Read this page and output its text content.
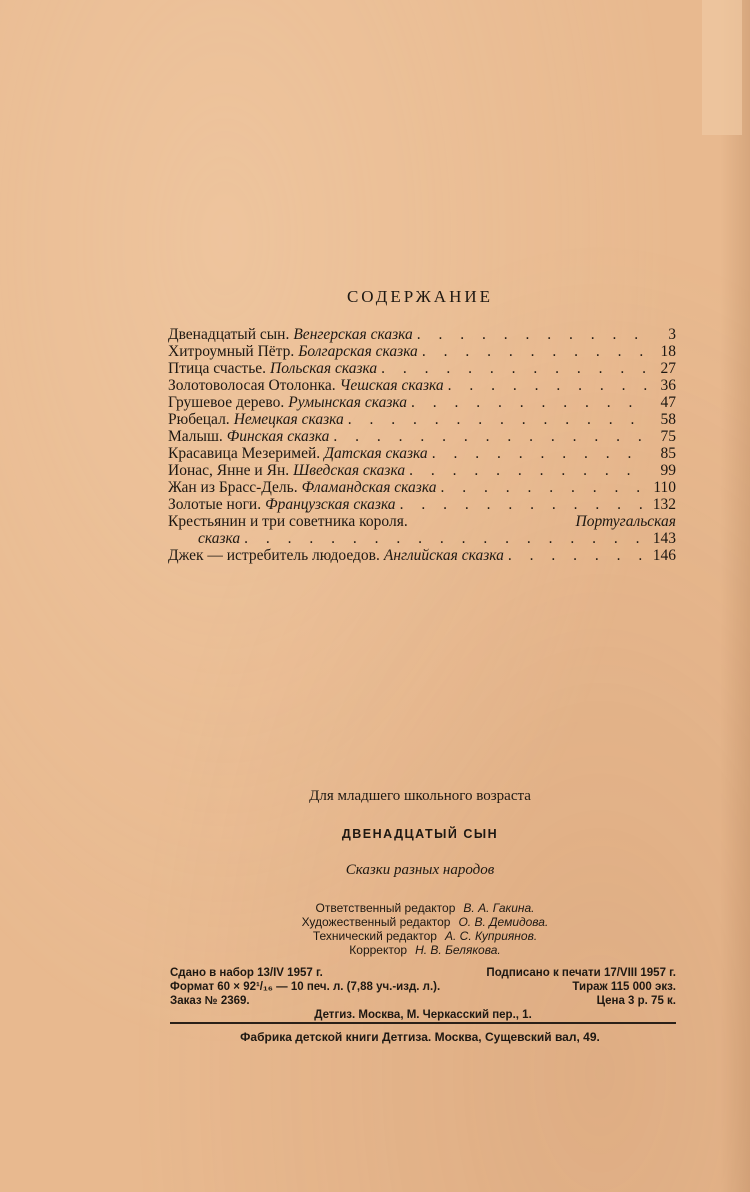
СОДЕРЖАНИЕ
Двенадцатый сын. Венгерская сказка . . .	3
Хитроумный Пётр. Болгарская сказка . . .	18
Птица счастье. Польская сказка . . .	27
Золотоволосая Отолонка. Чешская сказка . . .	36
Грушевое дерево. Румынская сказка . . .	47
Рюбецал. Немецкая сказка . . .	58
Малыш. Финская сказка . . .	75
Красавица Мезеримей. Датская сказка . . .	85
Ионас, Янне и Ян. Шведская сказка . . .	99
Жан из Брасс-Дель. Фламандская сказка . . .	110
Золотые ноги. Французская сказка . . .	132
Крестьянин и три советника короля.	Португальская
сказка . . .	143
Джек — истребитель людоедов. Английская сказка . . .	146
Для младшего школьного возраста
ДВЕНАДЦАТЫЙ СЫН
Сказки разных народов
Ответственный редактор В. А. Гакина.
Художественный редактор О. В. Демидова.
Технический редактор А. С. Куприянов.
Корректор Н. В. Белякова.
Сдано в набор 13/IV 1957 г.	Подписано к печати 17/VIII 1957 г.
Формат 60 × 92¹/₁₆ — 10 печ. л. (7,88 уч.-изд. л.).	Тираж 115 000 экз.
Заказ № 2369.	Цена 3 р. 75 к.
Детгиз. Москва, М. Черкасский пер., 1.
Фабрика детской книги Детгиза. Москва, Сущевский вал, 49.
